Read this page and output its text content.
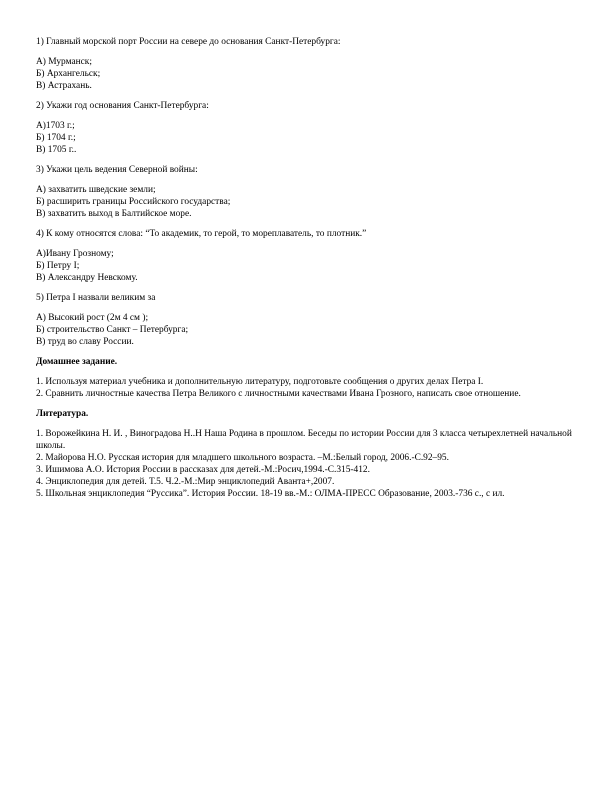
1) Главный морской порт России на севере до основания Санкт-Петербурга:
А) Мурманск;
Б) Архангельск;
В) Астрахань.
2) Укажи год основания Санкт-Петербурга:
А)1703 г.;
Б) 1704 г.;
В) 1705 г..
3) Укажи цель ведения Северной войны:
А) захватить шведские земли;
Б) расширить границы Российского государства;
В) захватить выход в Балтийское море.
4) К кому относятся слова: “То академик, то герой, то мореплаватель, то плотник.”
А)Ивану Грозному;
Б) Петру I;
В) Александру Невскому.
5) Петра I назвали великим за
А) Высокий рост (2м 4 см );
Б) строительство Санкт – Петербурга;
В) труд во славу России.
Домашнее задание.
1. Используя материал учебника и дополнительную литературу, подготовьте сообщения о других делах Петра I.
2. Сравнить личностные качества Петра Великого с личностными качествами Ивана Грозного, написать свое отношение.
Литература.
1. Ворожейкина Н. И. , Виноградова Н..Н Наша Родина в прошлом. Беседы по истории России для 3 класса четырехлетней начальной школы.
2. Майорова Н.О. Русская история для младшего школьного возраста. –М.:Белый город, 2006.-С.92–95.
3. Ишимова А.О. История России в рассказах для детей.-М.:Росич,1994.-С.315-412.
4. Энциклопедия для детей. Т.5. Ч.2.-М.:Мир энциклопедий Аванта+,2007.
5. Школьная энциклопедия “Руссика”. История России. 18-19 вв.-М.: ОЛМА-ПРЕСС Образование, 2003.-736 с., с ил.
